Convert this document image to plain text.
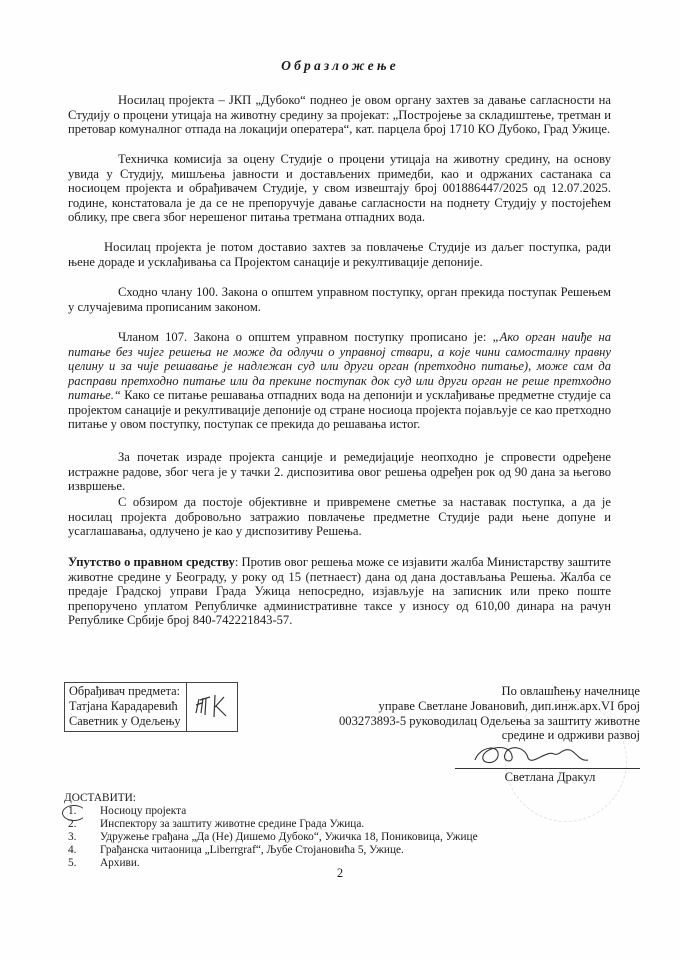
Образложење
Носилац пројекта – ЈКП „Дубоко“ поднео је овом органу захтев за давање сагласности на Студију о процени утицаја на животну средину за пројекат: „Постројење за складиштење, третман и претовар комуналног отпада на локацији оператера“, кат. парцела број 1710 КО Дубоко, Град Ужице.
Техничка комисија за оцену Студије о процени утицаја на животну средину, на основу увида у Студију, мишљења јавности и достављених примедби, као и одржаних састанака са носиоцем пројекта и обрађивачем Студије, у свом извештају број 001886447/2025 од 12.07.2025. године, констатовала је да се не препоручује давање сагласности на поднету Студију у постојећем облику, пре свега због нерешеног питања третмана отпадних вода.
Носилац пројекта је потом доставио захтев за повлачење Студије из даљег поступка, ради њене дораде и усклађивања са Пројектом санације и рекултивације депоније.
Сходно члану 100. Закона о општем управном поступку, орган прекида поступак Решењем у случајевима прописаним законом.
Чланом 107. Закона о општем управном поступку прописано је: „Ако орган наиђе на питање без чијег решења не може да одлучи о управној ствари, а које чини самосталну правну целину и за чије решавање је надлежан суд или други орган (претходно питање), може сам да расправи претходно питање или да прекине поступак док суд или други орган не реше претходно питање.“ Како се питање решавања отпадних вода на депонији и усклађивање предметне студије са пројектом санације и рекултивације депоније од стране носиоца пројекта појављује се као претходно питање у овом поступку, поступак се прекида до решавања истог.
За почетак израде пројекта санције и ремедијације неопходно је спровести одређене истражне радове, због чега је у тачки 2. диспозитива овог решења одређен рок од 90 дана за његово извршење.
С обзиром да постоје објективне и привремене сметње за наставак поступка, а да је носилац пројекта добровољно затражио повлачење предметне Студије ради њене допуне и усаглашавања, одлучено је као у диспозитиву Решења.
Упутство о правном средству: Против овог решења може се изјавити жалба Министарству заштите животне средине у Београду, у року од 15 (петнаест) дана од дана достављања Решења. Жалба се предаје Градској управи Града Ужица непосредно, изјављује на записник или преко поште препоручено уплатом Републичке административне таксе у износу од 610,00 динара на рачун Републике Србије број 840-742221843-57.
Обрађивач предмета:
Татјана Карадаревић
Саветник у Одељењу
По овлашћењу начелнице
управе Светлане Јовановић, дип.инж.арх.VI број
003273893-5 руководилац Одељења за заштиту животне
средине и одрживи развој
Светлана Дракул
ДОСТАВИТИ:
1. Носиоцу пројекта
2. Инспектору за заштиту животне средине Града Ужица.
3. Удружење грађана „Да (Не) Дишемо Дубоко“, Ужичка 18, Пониковица, Ужице
4. Грађанска читаоница „Liberrgraf“, Љубе Стојановића 5, Ужице.
5. Архиви.
2
